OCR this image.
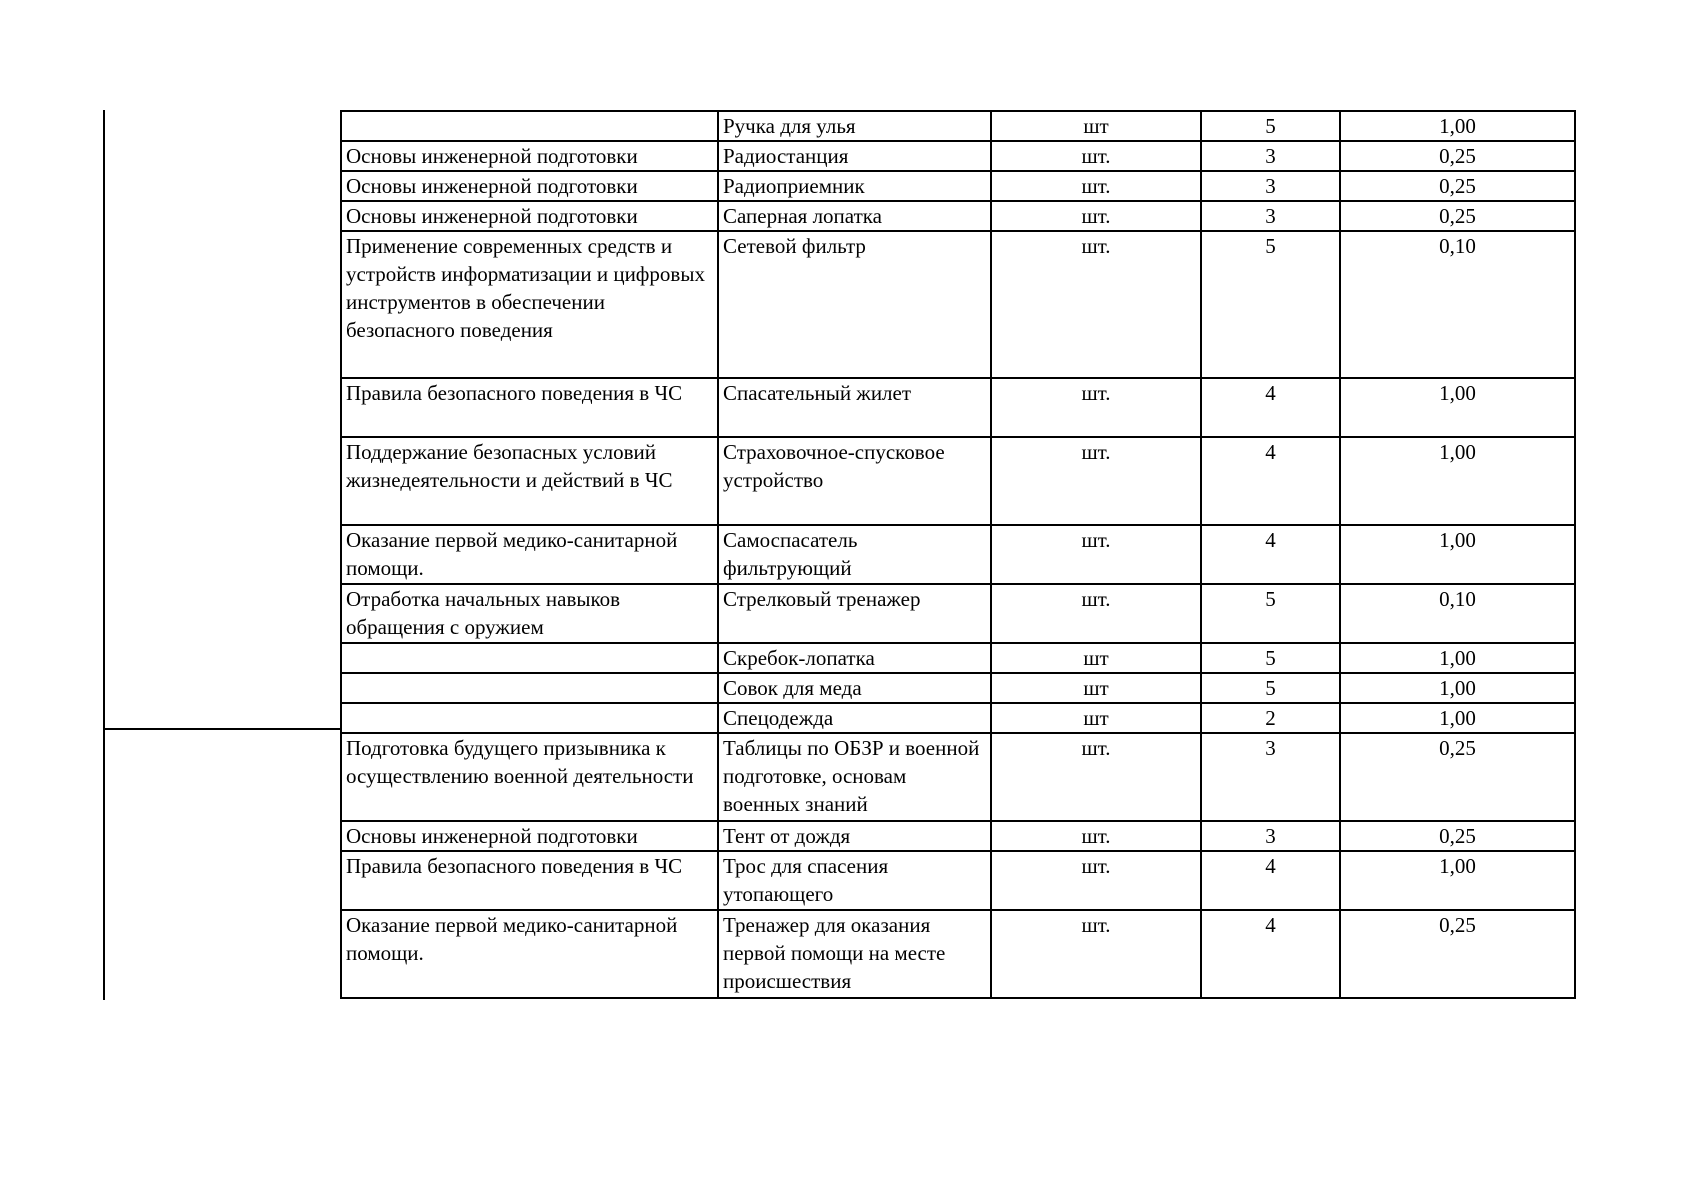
	Ручка для улья	шт	5	1,00
Основы инженерной подготовки	Радиостанция	шт.	3	0,25
Основы инженерной подготовки	Радиоприемник	шт.	3	0,25
Основы инженерной подготовки	Саперная лопатка	шт.	3	0,25
Применение современных средств и устройств информатизации и цифровых инструментов в обеспечении безопасного поведения	Сетевой фильтр	шт.	5	0,10
Правила безопасного поведения в ЧС	Спасательный жилет	шт.	4	1,00
Поддержание безопасных условий жизнедеятельности и действий в ЧС	Страховочное-спусковое устройство	шт.	4	1,00
Оказание первой медико-санитарной помощи.	Самоспасатель фильтрующий	шт.	4	1,00
Отработка начальных навыков обращения с оружием	Стрелковый тренажер	шт.	5	0,10
	Скребок-лопатка	шт	5	1,00
	Совок для меда	шт	5	1,00
	Спецодежда	шт	2	1,00
Подготовка будущего призывника к осуществлению военной деятельности	Таблицы по ОБЗР и военной подготовке, основам военных знаний	шт.	3	0,25
Основы инженерной подготовки	Тент от дождя	шт.	3	0,25
Правила безопасного поведения в ЧС	Трос для спасения утопающего	шт.	4	1,00
Оказание первой медико-санитарной помощи.	Тренажер для оказания первой помощи на месте происшествия	шт.	4	0,25
